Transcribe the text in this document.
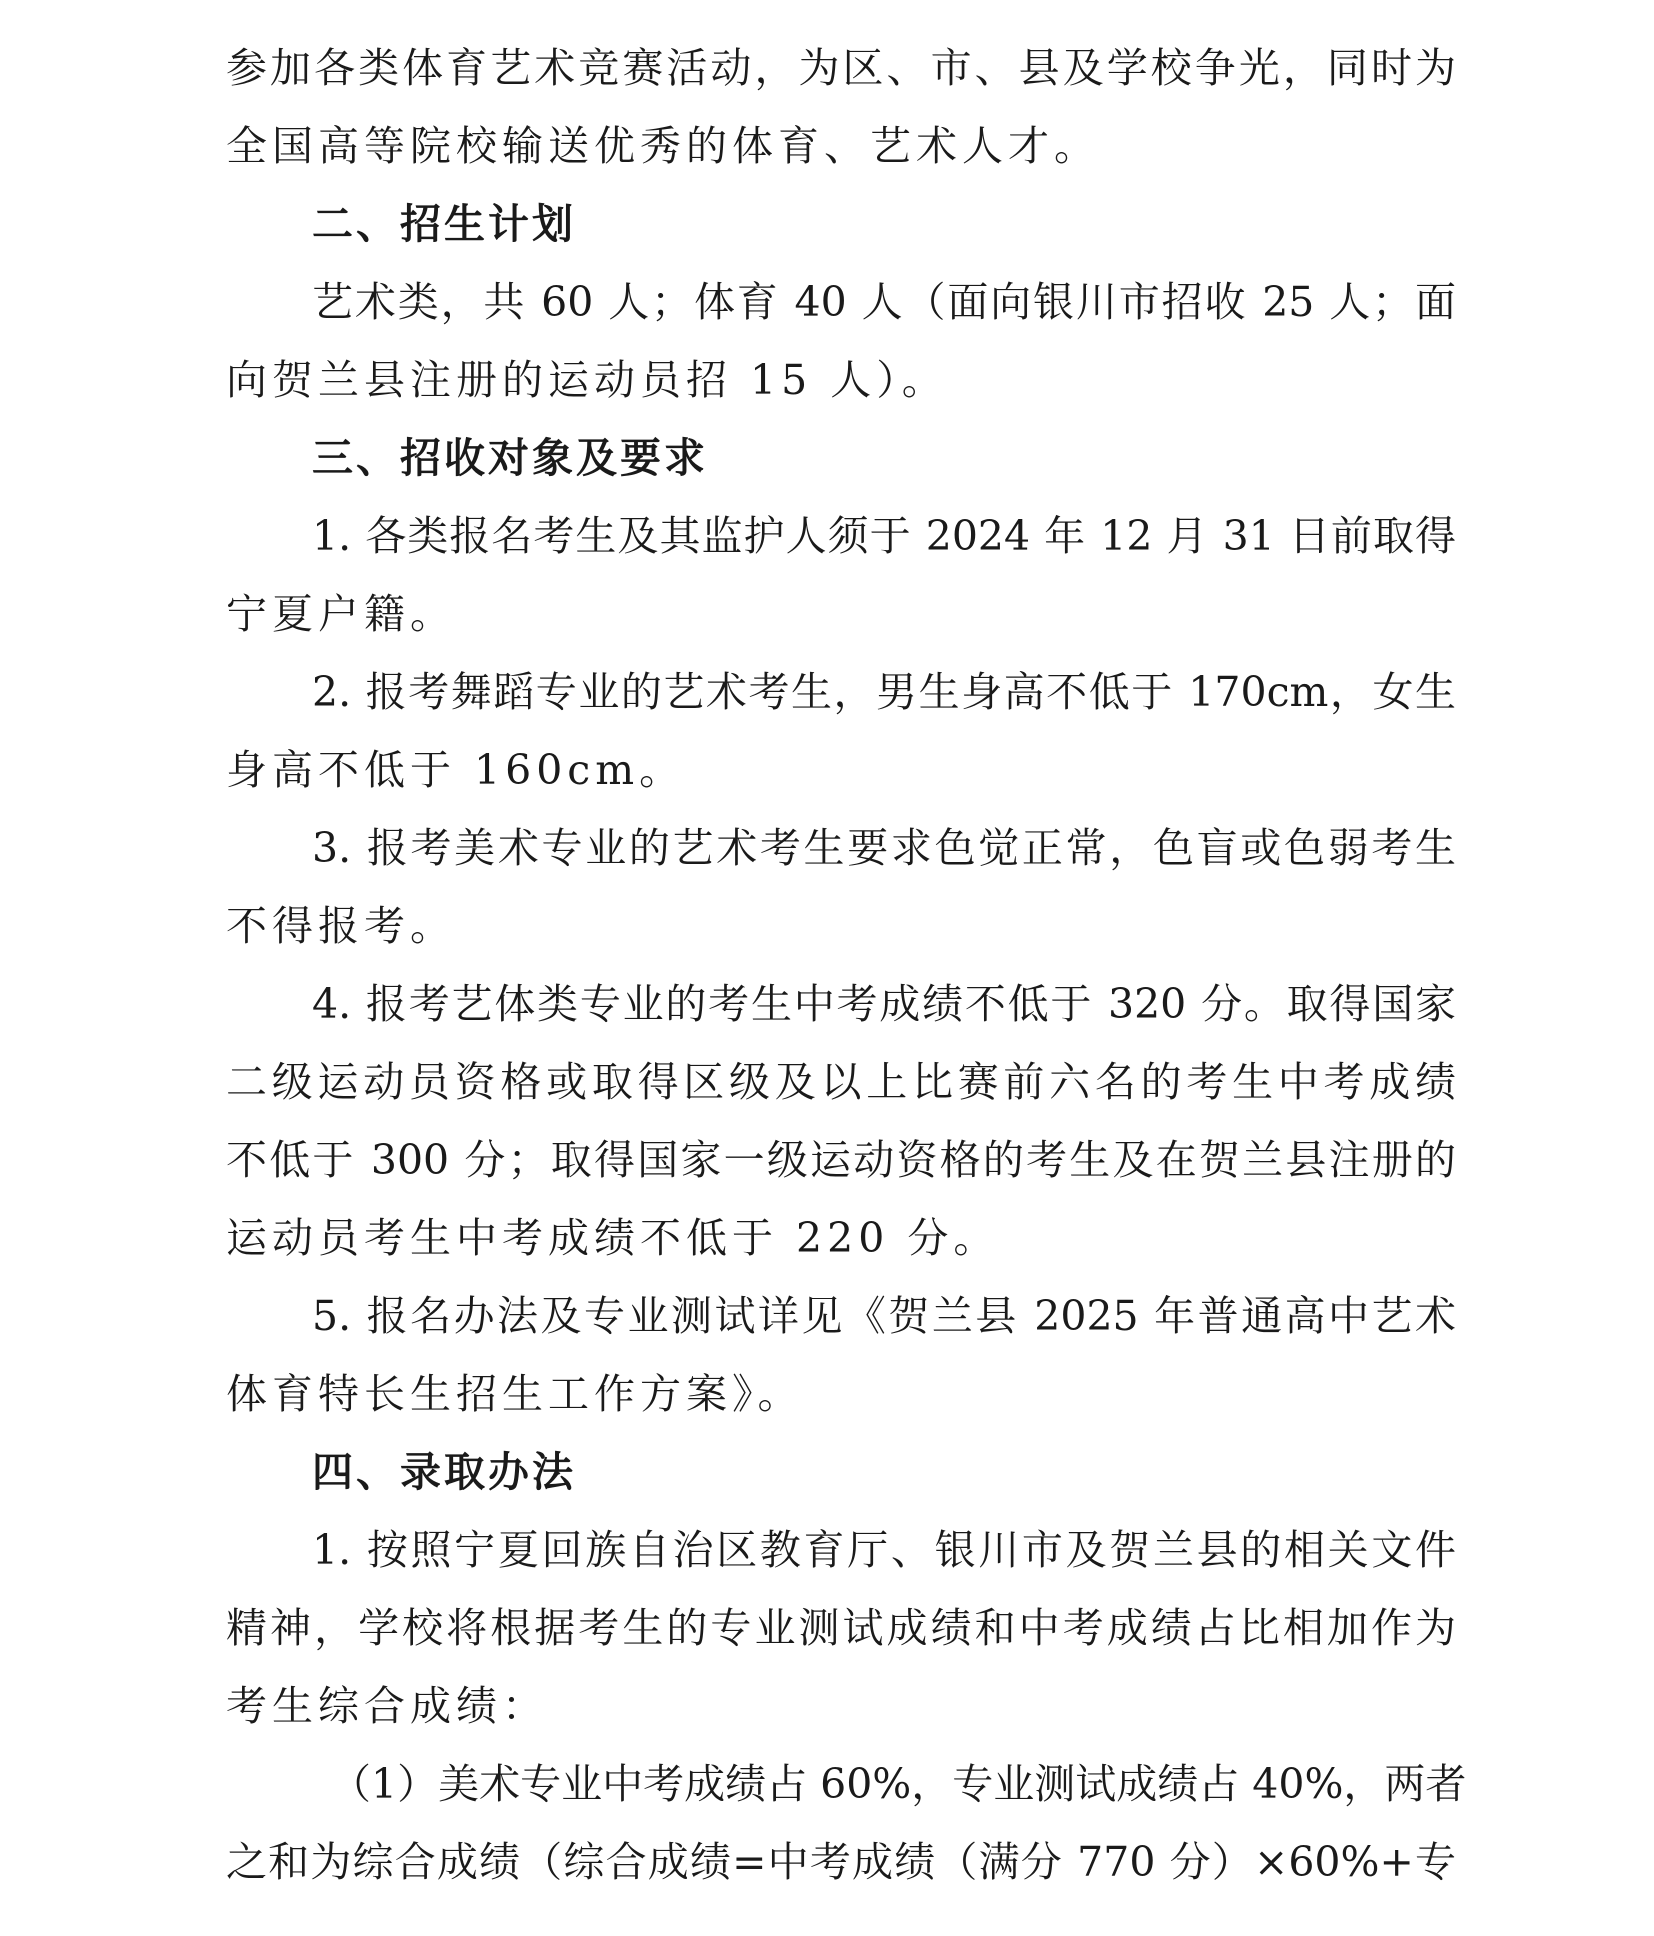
参加各类体育艺术竞赛活动，为区、市、县及学校争光，同时为
全国高等院校输送优秀的体育、艺术人才。
二、招生计划
艺术类，共 60 人；体育 40 人（面向银川市招收 25 人；面
向贺兰县注册的运动员招 15 人）。
三、招收对象及要求
1. 各类报名考生及其监护人须于 2024 年 12 月 31 日前取得
宁夏户籍。
2. 报考舞蹈专业的艺术考生，男生身高不低于 170cm，女生
身高不低于 160cm。
3. 报考美术专业的艺术考生要求色觉正常，色盲或色弱考生
不得报考。
4. 报考艺体类专业的考生中考成绩不低于 320 分。取得国家
二级运动员资格或取得区级及以上比赛前六名的考生中考成绩
不低于 300 分；取得国家一级运动资格的考生及在贺兰县注册的
运动员考生中考成绩不低于 220 分。
5. 报名办法及专业测试详见《贺兰县 2025 年普通高中艺术
体育特长生招生工作方案》。
四、录取办法
1. 按照宁夏回族自治区教育厅、银川市及贺兰县的相关文件
精神，学校将根据考生的专业测试成绩和中考成绩占比相加作为
考生综合成绩：
（1）美术专业中考成绩占 60%，专业测试成绩占 40%，两者
之和为综合成绩（综合成绩=中考成绩（满分 770 分）×60%+专
